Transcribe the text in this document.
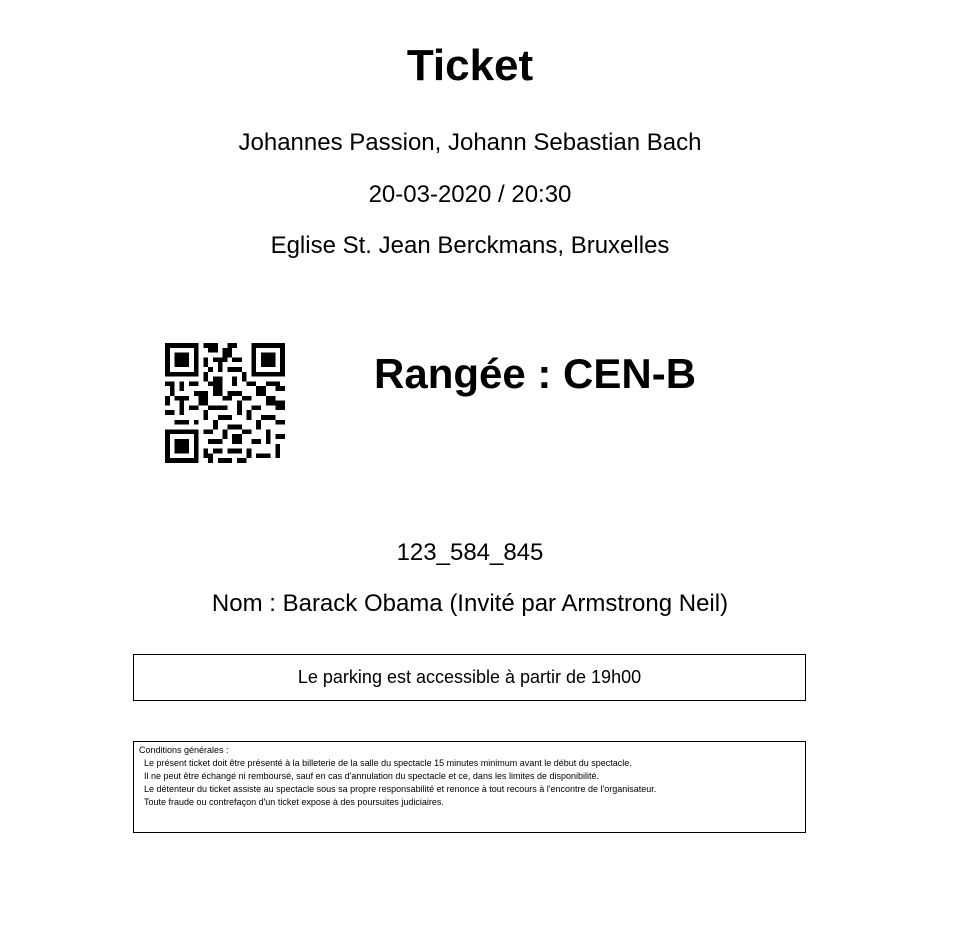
Ticket
Johannes Passion, Johann Sebastian Bach
20-03-2020 / 20:30
Eglise St. Jean Berckmans, Bruxelles
Rangée : CEN-B
123_584_845
Nom : Barack Obama (Invité par Armstrong Neil)
Le parking est accessible à partir de 19h00
Conditions générales :
Le présent ticket doit être présenté à la billeterie de la salle du spectacle 15 minutes minimum avant le début du spectacle.
Il ne peut être échangé ni remboursé, sauf en cas d'annulation du spectacle et ce, dans les limites de disponibilité.
Le détenteur du ticket assiste au spectacle sous sa propre responsabilité et renonce à tout recours à l'encontre de l'organisateur.
Toute fraude ou contrefaçon d'un ticket expose à des poursuites judiciaires.
